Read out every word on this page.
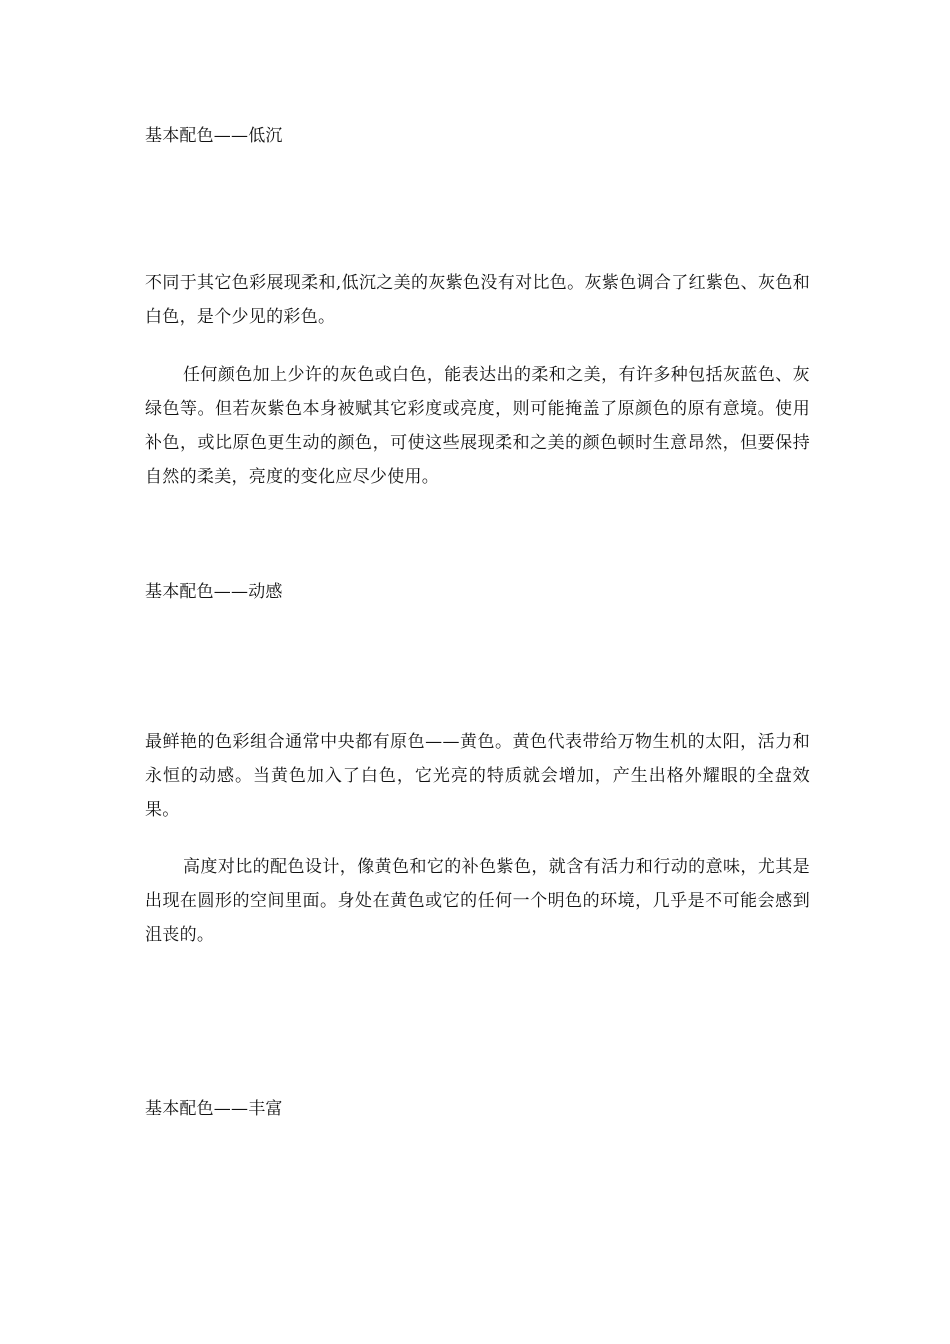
基本配色——低沉
不同于其它色彩展现柔和,低沉之美的灰紫色没有对比色。灰紫色调合了红紫色、灰色和白色，是个少见的彩色。
任何颜色加上少许的灰色或白色，能表达出的柔和之美，有许多种包括灰蓝色、灰绿色等。但若灰紫色本身被赋其它彩度或亮度，则可能掩盖了原颜色的原有意境。使用补色，或比原色更生动的颜色，可使这些展现柔和之美的颜色顿时生意昂然，但要保持自然的柔美，亮度的变化应尽少使用。
基本配色——动感
最鲜艳的色彩组合通常中央都有原色——黄色。黄色代表带给万物生机的太阳，活力和永恒的动感。当黄色加入了白色，它光亮的特质就会增加，产生出格外耀眼的全盘效果。
高度对比的配色设计，像黄色和它的补色紫色，就含有活力和行动的意味，尤其是出现在圆形的空间里面。身处在黄色或它的任何一个明色的环境，几乎是不可能会感到沮丧的。
基本配色——丰富
